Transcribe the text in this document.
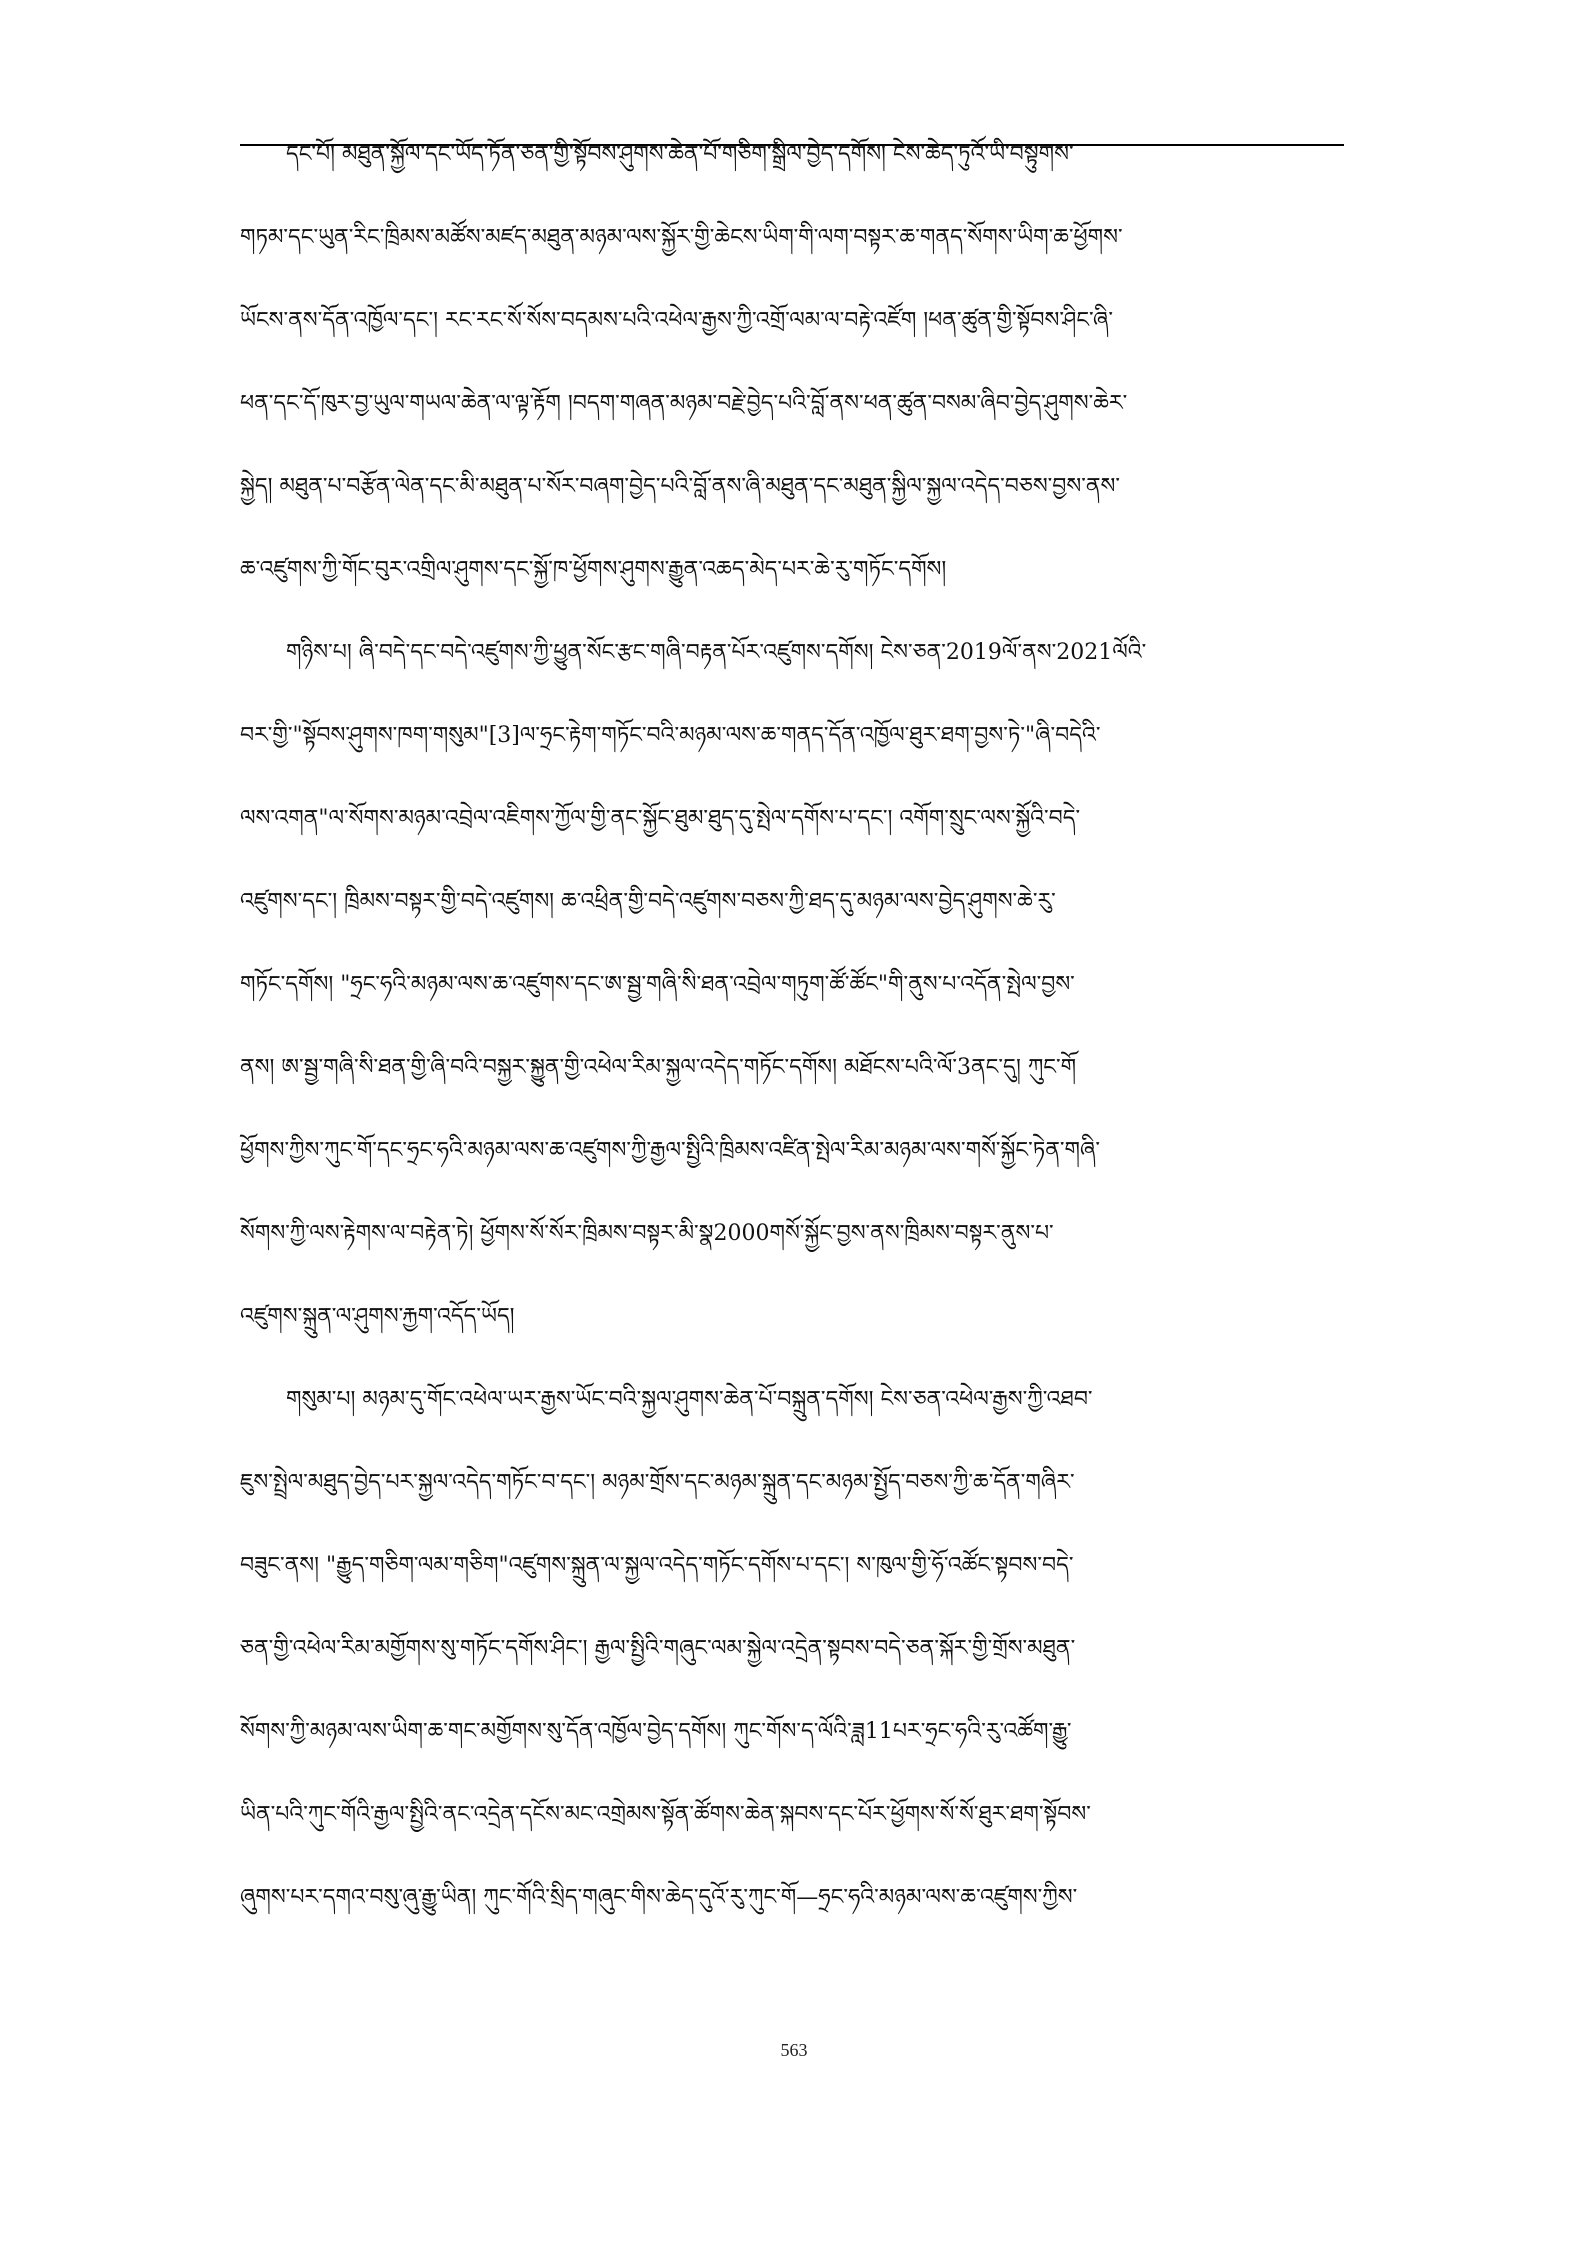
དང་པོ། མཐུན་སྐྱོལ་དང་ཡོད་ཏོན་ཅན་གྱི་སྟོབས་ཤུགས་ཆེན་པོ་གཅིག་སྒྲིལ་བྱེད་དགོས། ངེས་ཆེད་ཏུའོ་ཡི་བསྟུགས་
གཏམ་དང་ཡུན་རིང་ཁྲིམས་མཚོས་མཛད་མཐུན་མཉམ་ལས་སྐྱོར་གྱི་ཆེངས་ཡིག་གི་ལག་བསྟར་ཆ་གནད་སོགས་ཡིག་ཆ་ཕྱོགས་
ཡོངས་ནས་དོན་འཁྱོལ་དང་། རང་རང་སོ་སོས་བདམས་པའི་འཕེལ་རྒྱས་ཀྱི་འགྲོ་ལམ་ལ་བརྟེ་འཛོག །ཕན་ཚུན་གྱི་སྟོབས་ཤིང་ཞི་
ཕན་དང་དོ་ཁུར་བྱ་ཡུལ་གཡལ་ཆེན་ལ་ལྟ་རྟོག །བདག་གཞན་མཉམ་བརྗེ་བྱེད་པའི་བློ་ནས་ཕན་ཚུན་བསམ་ཞིབ་བྱེད་ཤུགས་ཆེར་
སྐྱེད། མཐུན་པ་བརྩོན་ལེན་དང་མི་མཐུན་པ་སོར་བཞག་བྱེད་པའི་བློ་ནས་ཞི་མཐུན་དང་མཐུན་སྐྱིལ་སྐྱལ་འདེད་བཅས་བྱས་ནས་
ཆ་འཛུགས་ཀྱི་གོང་བུར་འགྲིལ་ཤུགས་དང་སྐྱོ་ཁ་ཕྱོགས་ཤུགས་རྒྱུན་འཆད་མེད་པར་ཆེ་རུ་གཏོང་དགོས།
གཉིས་པ། ཞི་བདེ་དང་བདེ་འཛུགས་ཀྱི་ཕྱུན་སོང་རྩང་གཞི་བརྟན་པོར་འཛུགས་དགོས། ངེས་ཅན་2019ལོ་ནས་2021ལོའི་
བར་གྱི་"སྟོབས་ཤུགས་ཁག་གསུམ"[3]ལ་ཧྲང་རྟེག་གཏོང་བའི་མཉམ་ལས་ཆ་གནད་དོན་འཁྱོལ་ཐུར་ཐག་བྱས་ཏེ་"ཞི་བདེའི་
ལས་འགན"ལ་སོགས་མཉམ་འབྲེལ་འཇིགས་ཀྱོལ་གྱི་ནང་སྐྱོང་ཐུམ་ཐུད་དུ་སྤེལ་དགོས་པ་དང་། འགོག་སྲུང་ལས་སྐྱོའི་བདེ་
འཛུགས་དང་། ཁྲིམས་བསྟར་གྱི་བདེ་འཛུགས། ཆ་འཕྲིན་གྱི་བདེ་འཛུགས་བཅས་ཀྱི་ཐད་དུ་མཉམ་ལས་བྱེད་ཤུགས་ཆེ་རུ་
གཏོང་དགོས། "ཧྲང་ཧའི་མཉམ་ལས་ཆ་འཛུགས་དང་ཨ་སྦྱ་གཞི་སི་ཐན་འབྲེལ་གཏུག་ཚོ་ཚོང"གི་ནུས་པ་འདོན་སྤེལ་བྱས་
ནས། ཨ་སྦྱ་གཞི་སི་ཐན་གྱི་ཞི་བའི་བསྐྱར་སྐྱུན་གྱི་འཕེལ་རིམ་སྐྱལ་འདེད་གཏོང་དགོས། མཐོངས་པའི་ལོ་3ནང་དུ། ཀུང་གོ
ཕྱོགས་ཀྱིས་ཀུང་གོ་དང་ཧྲང་ཧའི་མཉམ་ལས་ཆ་འཛུགས་ཀྱི་རྒྱལ་སྤྱིའི་ཁྲིམས་འཛིན་སྤེལ་རིམ་མཉམ་ལས་གསོ་སྐྱོང་ཏེན་གཞི་
སོགས་ཀྱི་ལས་རྟེགས་ལ་བརྟེན་ཏེ། ཕྱོགས་སོ་སོར་ཁྲིམས་བསྟར་མི་སྣ2000གསོ་སྐྱོང་བྱས་ནས་ཁྲིམས་བསྟར་ནུས་པ་
འཛུགས་སྐྲུན་ལ་ཤུགས་རྐྱག་འདོད་ཡོད།
གསུམ་པ། མཉམ་དུ་གོང་འཕེལ་ཡར་རྒྱས་ཡོང་བའི་སྐྱལ་ཤུགས་ཆེན་པོ་བསྐྲུན་དགོས། ངེས་ཅན་འཕེལ་རྒྱས་ཀྱི་འཐབ་
ཇུས་སྤྲེལ་མཐུད་བྱེད་པར་སྐྱལ་འདེད་གཏོང་བ་དང་། མཉམ་གྲོས་དང་མཉམ་སྐྲུན་དང་མཉམ་སྤྱོད་བཅས་ཀྱི་ཆ་དོན་གཞིར་
བཟུང་ནས། "རྒྱུད་གཅིག་ལམ་གཅིག"འཛུགས་སྐྲུན་ལ་སྐྱལ་འདེད་གཏོང་དགོས་པ་དང་། ས་ཁུལ་གྱི་ཧོ་འཚོང་སྟབས་བདེ་
ཅན་གྱི་འཕེལ་རིམ་མགྱོགས་སུ་གཏོང་དགོས་ཤིང་། རྒྱལ་སྤྱིའི་གཞུང་ལམ་སྐྱེལ་འདྲེན་སྟབས་བདེ་ཅན་སྐོར་གྱི་གྲོས་མཐུན་
སོགས་ཀྱི་མཉམ་ལས་ཡིག་ཆ་གང་མགྱོགས་སུ་དོན་འཁྱོལ་བྱེད་དགོས། ཀུང་གོས་ད་ལོའི་ཟླ11པར་ཧྲང་ཧའི་རུ་འཚོག་རྒྱུ་
ཡིན་པའི་ཀུང་གོའི་རྒྱལ་སྤྱིའི་ནང་འདྲེན་དངོས་མང་འགྲེམས་སྟོན་ཚོགས་ཆེན་སྐབས་དང་པོར་ཕྱོགས་སོ་སོ་ཐུར་ཐག་སྟོབས་
ཞུགས་པར་དགའ་བསུ་ཞུ་རྒྱུ་ཡིན། ཀུང་གོའི་སྲིད་གཞུང་གིས་ཆེད་དུའོ་རུ་ཀུང་གོ—ཧྲང་ཧའི་མཉམ་ལས་ཆ་འཛུགས་ཀྱིས་
563
